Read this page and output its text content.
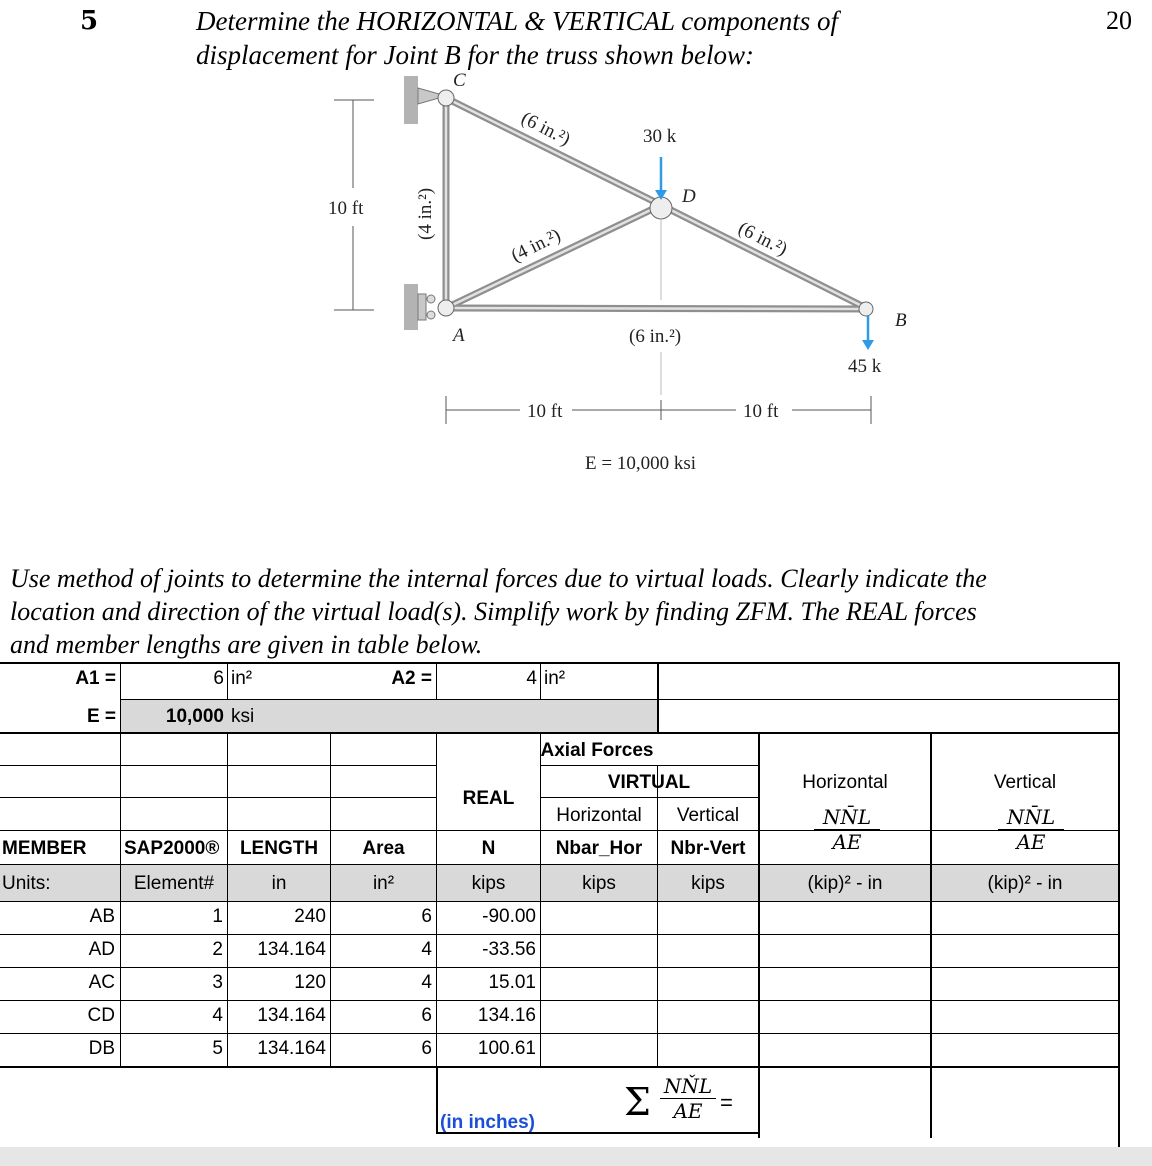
5	20
Determine the HORIZONTAL & VERTICAL components of
displacement for Joint B for the truss shown below:
C
D
A
B
(6 in.²)
(6 in.²)
(4 in.²)
(4 in.²)
(6 in.²)
30 k
45 k
10 ft
10 ft	10 ft
E = 10,000 ksi
Use method of joints to determine the internal forces due to virtual loads. Clearly indicate the
location and direction of the virtual load(s). Simplify work by finding ZFM. The REAL forces
and member lengths are given in table below.
A1 =	6 in²	A2 =	4 in²
E =	10,000 ksi
Axial Forces
VIRTUAL
REAL
Horizontal	Vertical
Horizontal	Vertical
$\frac{NN̄L}{AE}$	$\frac{NN̄L}{AE}$
MEMBER SAP2000®	LENGTH	Area	N	Nbar_Hor	Nbr-Vert
Units:	Element#	in	in²	kips	kips	kips	(kip)² - in	(kip)² - in
AB	1	240	6	-90.00
AD	2	134.164	4	-33.56
AC	3	120	4	15.01
CD	4	134.164	6	134.16
DB	5	134.164	6	100.61
(in inches) Σ NŇL
AE =
